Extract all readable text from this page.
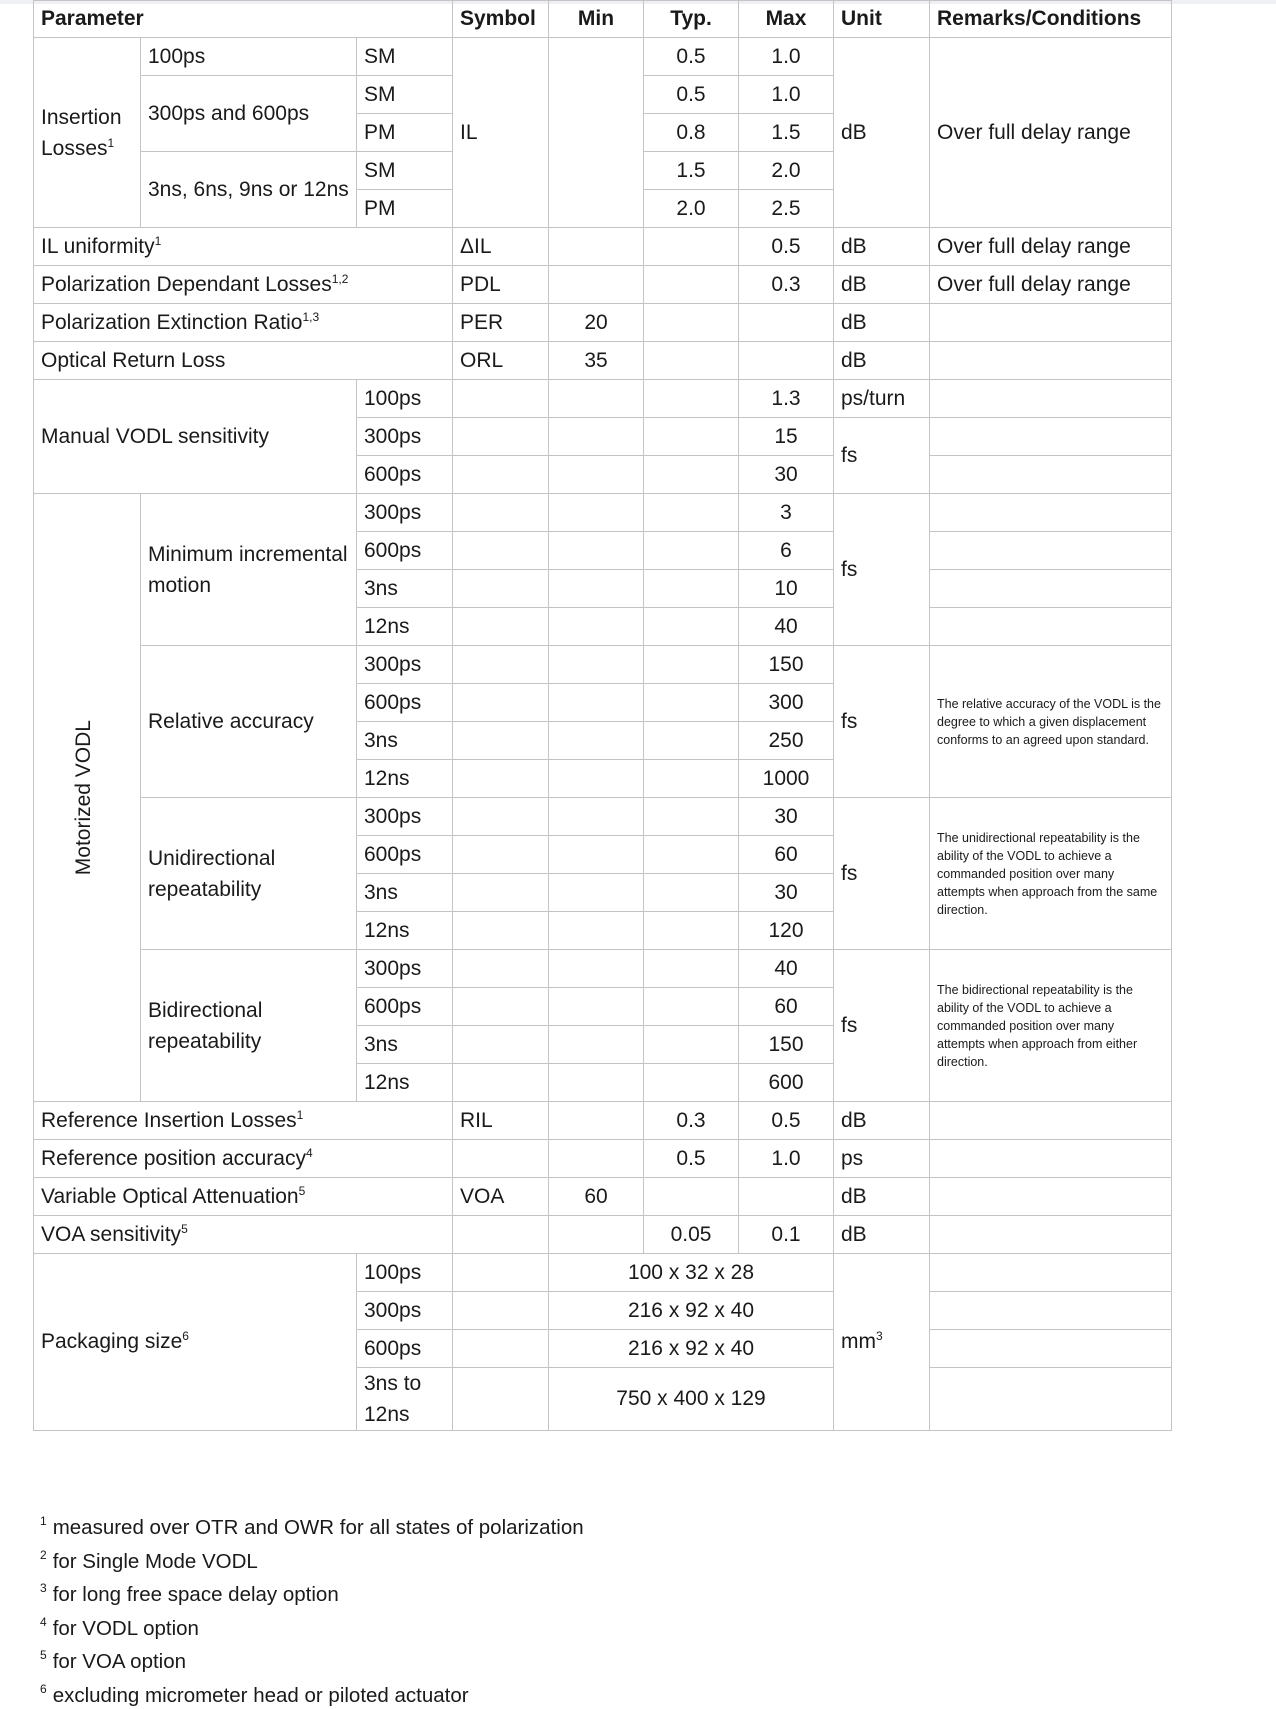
Parameter			Symbol	Min	Typ.	Max	Unit	Remarks/Conditions
Insertion Losses$^1$	100ps	SM	IL		0.5	1.0	dB	Over full delay range
	300ps and 600ps	SM			0.5	1.0		
		PM			0.8	1.5		
	3ns, 6ns, 9ns or 12ns	SM			1.5	2.0		
		PM			2.0	2.5		
IL uniformity$^1$			ΔIL			0.5	dB	Over full delay range
Polarization Dependant Losses$^{1,2}$			PDL			0.3	dB	Over full delay range
Polarization Extinction Ratio$^{1,3}$			PER	20			dB	
Optical Return Loss			ORL	35			dB	
Manual VODL sensitivity		100ps				1.3	ps/turn	
		300ps				15	fs	
		600ps				30		

Motorized VODL	Minimum incremental motion	300ps				3	fs	
		600ps				6		
		3ns				10		
		12ns				40		
	Relative accuracy	300ps				150	fs	The relative accuracy of the VODL is the degree to which a given displacement conforms to an agreed upon standard.
		600ps				300		
		3ns				250		
		12ns				1000		
	Unidirectional repeatability	300ps				30	fs	The unidirectional repeatability is the ability of the VODL to achieve a commanded position over many attempts when approach from the same direction.
		600ps				60		
		3ns				30		
		12ns				120		
	Bidirectional repeatability	300ps				40	fs	The bidirectional repeatability is the ability of the VODL to achieve a commanded position over many attempts when approach from either direction.
		600ps				60		
		3ns				150		
		12ns				600		
Reference Insertion Losses$^1$			RIL		0.3	0.5	dB	
Reference position accuracy$^4$					0.5	1.0	ps	
Variable Optical Attenuation$^5$			VOA	60			dB	
VOA sensitivity$^5$					0.05	0.1	dB	
Packaging size$^6$		100ps		100 x 32 x 28			$mm^3$	
		300ps		216 x 92 x 40				
		600ps		216 x 92 x 40				
		3ns to 12ns		750 x 400 x 129				
$^1$ measured over OTR and OWR for all states of polarization
$^2$ for Single Mode VODL
$^3$ for long free space delay option
$^4$ for VODL option
$^5$ for VOA option
$^6$ excluding micrometer head or piloted actuator
